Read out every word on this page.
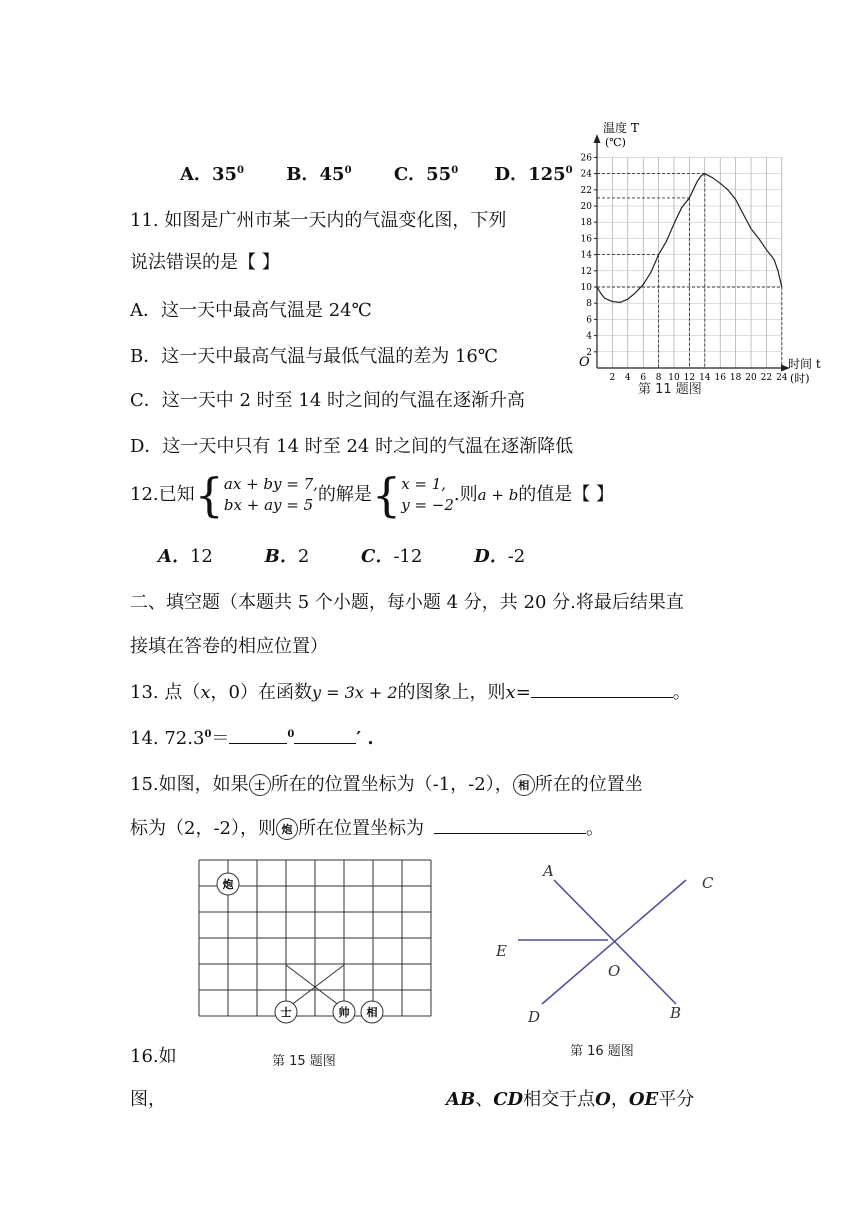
A．$35^0$ B．$45^0$ C．$55^0$ D．$125^0$
11. 如图是广州市某一天内的气温变化图，下列
说法错误的是【 】
A．这一天中最高气温是 24℃
B．这一天中最高气温与最低气温的差为 16℃
C．这一天中 2 时至 14 时之间的气温在逐渐升高
D．这一天中只有 14 时至 24 时之间的气温在逐渐降低
2 4 6 8 10 12 14 16 18 20 22 24
2
4
6
8
10
12
14
16
18
20
22
24
26
温度 T
(℃)
时间 t
(时)
O
第 11 题图
12.已知{ax + by = 7,
bx + ay = 5 的解是{x = 1,
y = −2.则a + b的值是【 】
A．12	B．2	C．-12	D．-2
二、填空题（本题共 5 个小题，每小题 4 分，共 20 分.将最后结果直
接填在答卷的相应位置）
13. 点（x，0）在函数y = 3x + 2的图象上，则x=	。
14. $72.3^0=$	$^0$	′ .
15.如图，如果 士 所在的位置坐标为（-1，-2）， 相 所在的位置坐
标为（2，-2），则 炮 所在位置坐标为	。
炮
士	帅 相
第 15 题图
A
C
E
O
D	B
第 16 题图
16.如
图，	AB、CD相交于点O，OE平分
